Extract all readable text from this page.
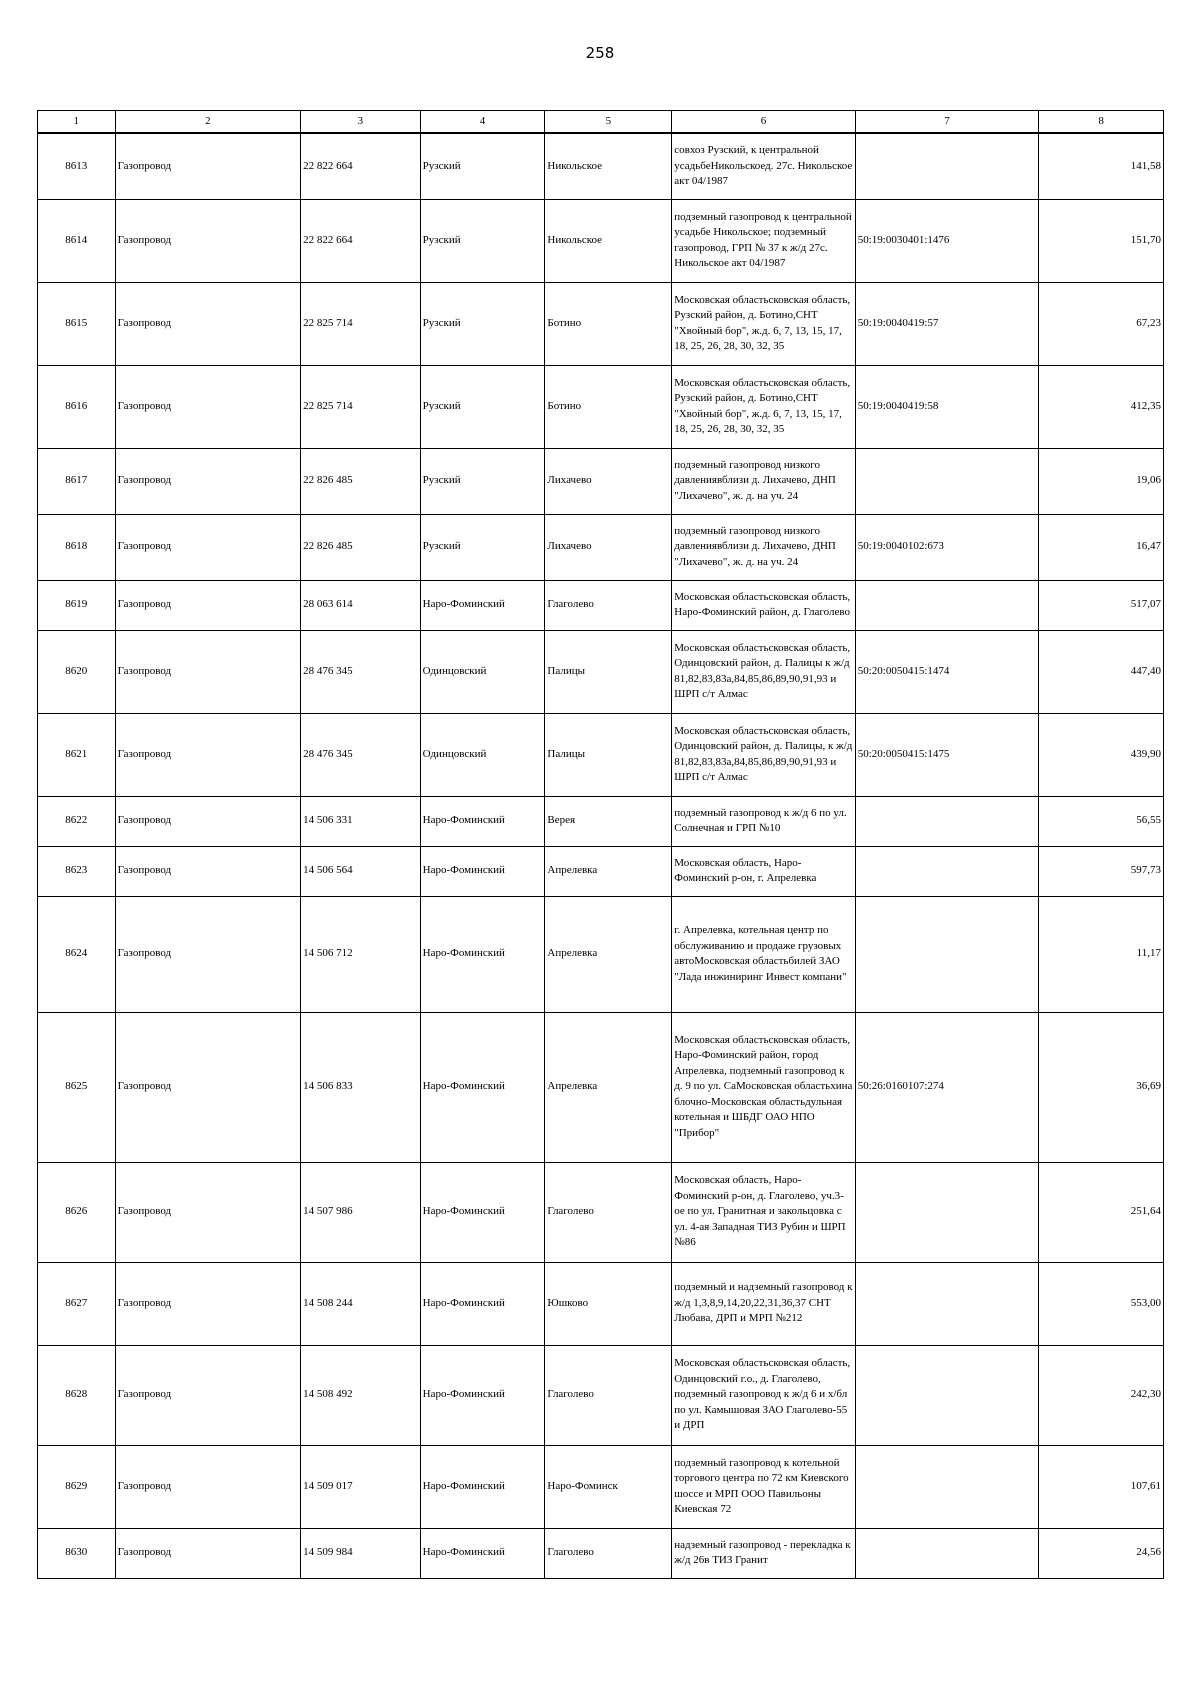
258
1	2	3	4	5	6	7	8
8613	Газопровод	22 822 664	Рузский	Никольское	совхоз Рузский, к центральной усадьбеНикольскоед. 27с. Никольское акт 04/1987		141,58
8614	Газопровод	22 822 664	Рузский	Никольское	подземный газопровод к центральной усадьбе Никольское; подземный газопровод, ГРП № 37 к ж/д 27с. Никольское акт 04/1987	50:19:0030401:1476	151,70
8615	Газопровод	22 825 714	Рузский	Ботино	Московская областьсковская область, Рузский район, д. Ботино,СНТ "Хвойный бор", ж.д. 6, 7, 13, 15, 17, 18, 25, 26, 28, 30, 32, 35	50:19:0040419:57	67,23
8616	Газопровод	22 825 714	Рузский	Ботино	Московская областьсковская область, Рузский район, д. Ботино,СНТ "Хвойный бор", ж.д. 6, 7, 13, 15, 17, 18, 25, 26, 28, 30, 32, 35	50:19:0040419:58	412,35
8617	Газопровод	22 826 485	Рузский	Лихачево	подземный газопровод низкого давлениявблизи д. Лихачево, ДНП "Лихачево", ж. д. на уч. 24		19,06
8618	Газопровод	22 826 485	Рузский	Лихачево	подземный газопровод низкого давлениявблизи д. Лихачево, ДНП "Лихачево", ж. д. на уч. 24	50:19:0040102:673	16,47
8619	Газопровод	28 063 614	Наро-Фоминский	Глаголево	Московская областьсковская область, Наро-Фоминский район, д. Глаголево		517,07
8620	Газопровод	28 476 345	Одинцовский	Палицы	Московская областьсковская область, Одинцовский район, д. Палицы к ж/д 81,82,83,83а,84,85,86,89,90,91,93 и ШРП с/т Алмас	50:20:0050415:1474	447,40
8621	Газопровод	28 476 345	Одинцовский	Палицы	Московская областьсковская область, Одинцовский район, д. Палицы, к ж/д 81,82,83,83а,84,85,86,89,90,91,93 и ШРП с/т Алмас	50:20:0050415:1475	439,90
8622	Газопровод	14 506 331	Наро-Фоминский	Верея	подземный газопровод к ж/д 6 по ул. Солнечная и ГРП №10		56,55
8623	Газопровод	14 506 564	Наро-Фоминский	Апрелевка	Московская область, Наро-Фоминский р-он, г. Апрелевка		597,73
8624	Газопровод	14 506 712	Наро-Фоминский	Апрелевка	г. Апрелевка, котельная центр по обслуживанию и продаже грузовых автоМосковская областьбилей ЗАО "Лада инжиниринг Инвест компани"		11,17
8625	Газопровод	14 506 833	Наро-Фоминский	Апрелевка	Московская областьсковская область, Наро-Фоминский район, город Апрелевка, подземный газопровод к д. 9 по ул. СаМосковская областьхина блочно-Московская областьдульная котельная и ШБДГ ОАО НПО "Прибор"	50:26:0160107:274	36,69
8626	Газопровод	14 507 986	Наро-Фоминский	Глаголево	Московская область, Наро-Фоминский р-он, д. Глаголево, уч.3-ое по ул. Гранитная и закольцовка с ул. 4-ая Западная ТИЗ Рубин и ШРП №86		251,64
8627	Газопровод	14 508 244	Наро-Фоминский	Юшково	подземный и надземный газопровод к ж/д 1,3,8,9,14,20,22,31,36,37 СНТ Любава, ДРП и МРП №212		553,00
8628	Газопровод	14 508 492	Наро-Фоминский	Глаголево	Московская областьсковская область, Одинцовский г.о., д. Глаголево, подземный газопровод к ж/д 6 и х/бл по ул. Камышовая ЗАО Глаголево-55 и ДРП		242,30
8629	Газопровод	14 509 017	Наро-Фоминский	Наро-Фоминск	подземный газопровод к котельной торгового центра по 72 км Киевского шоссе и МРП ООО Павильоны Киевская 72		107,61
8630	Газопровод	14 509 984	Наро-Фоминский	Глаголево	надземный газопровод - перекладка к ж/д 26в ТИЗ Гранит		24,56
